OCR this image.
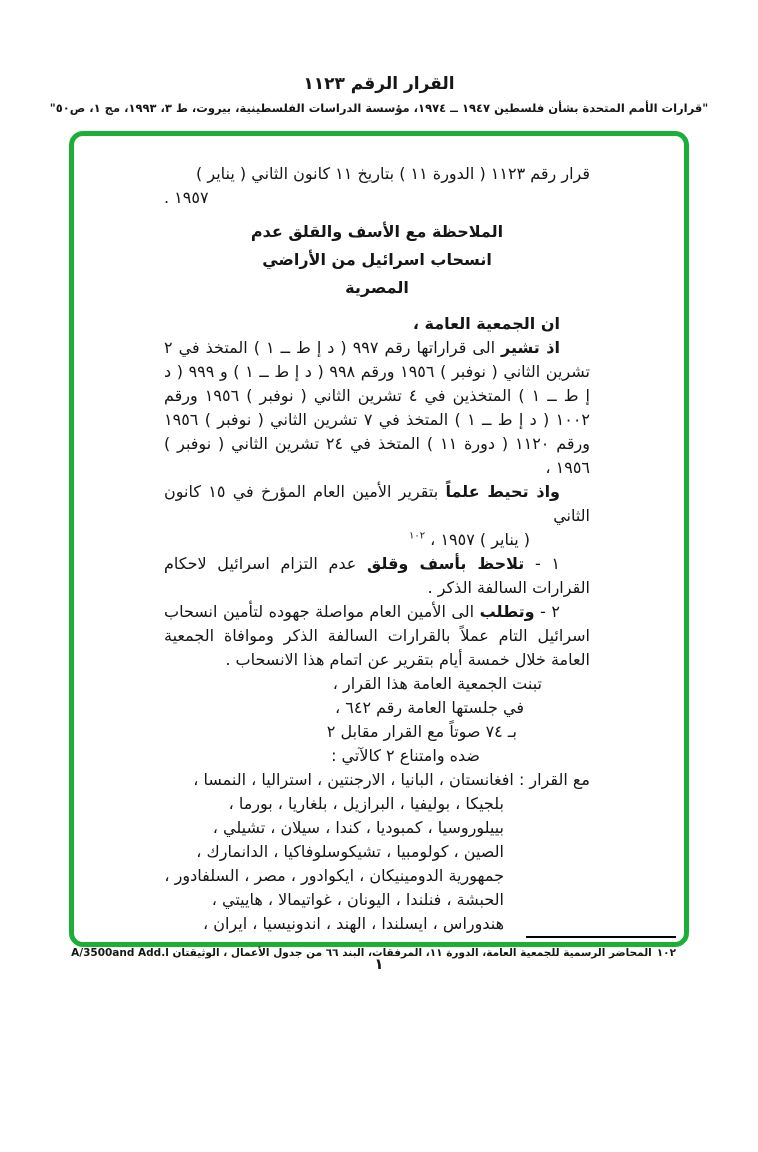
القرار الرقم ١١٢٣
"قرارات الأمم المتحدة بشأن فلسطين ١٩٤٧ ــ ١٩٧٤، مؤسسة الدراسات الفلسطينية، بيروت، ط ٣، ١٩٩٣، مج ١، ص٥٠"
قرار رقم ١١٢٣ ( الدورة ١١ ) بتاريخ ١١ كانون الثاني ( يناير )
١٩٥٧ .
الملاحظة مع الأسف والقلق عدم
انسحاب اسرائيل من الأراضي
المصرية
ان الجمعية العامة ،
اذ تشير الى قراراتها رقم ٩٩٧ ( د إ ط ــ ١ ) المتخذ في ٢ تشرين الثاني ( نوفبر ) ١٩٥٦ ورقم ٩٩٨ ( د إ ط ــ ١ ) و ٩٩٩ ( د إ ط ــ ١ ) المتخذين في ٤ تشرين الثاني ( نوفبر ) ١٩٥٦ ورقم ١٠٠٢ ( د إ ط ــ ١ ) المتخذ في ٧ تشرين الثاني ( نوفبر ) ١٩٥٦ ورقم ١١٢٠ ( دورة ١١ ) المتخذ في ٢٤ تشرين الثاني ( نوفبر ) ١٩٥٦ ،
واذ تحيط علماً بتقرير الأمين العام المؤرخ في ١٥ كانون الثاني
( يناير ) ١٩٥٧ ، $^{١٠٢}$
١ - تلاحظ بأسف وقلق عدم التزام اسرائيل لاحكام القرارات السالفة الذكر .
٢ - وتطلب الى الأمين العام مواصلة جهوده لتأمين انسحاب اسرائيل التام عملاً بالقرارات السالفة الذكر وموافاة الجمعية العامة خلال خمسة أيام بتقرير عن اتمام هذا الانسحاب .
تبنت الجمعية العامة هذا القرار ،
في جلستها العامة رقم ٦٤٢ ،
بـ ٧٤ صوتاً مع القرار مقابل ٢
ضده وامتناع ٢ كالآتي :
مع القرار : افغانستان ، البانيا ، الارجنتين ، استراليا ، النمسا ،
بلجيكا ، بوليفيا ، البرازيل ، بلغاريا ، بورما ،
بييلوروسيا ، كمبوديا ، كندا ، سيلان ، تشيلي ،
الصين ، كولومبيا ، تشيكوسلوفاكيا ، الدانمارك ،
جمهورية الدومينيكان ، ايكوادور ، مصر ، السلفادور ،
الحبشة ، فنلندا ، اليونان ، غواتيمالا ، هاييتي ،
هندوراس ، ايسلندا ، الهند ، اندونيسيا ، ايران ،
١٠٢المحاضر الرسمية للجمعية العامة، الدورة ١١، المرفقات، البند ٦٦ من جدول الأعمال ، الوثيقتان A/3500and Add.l
١
